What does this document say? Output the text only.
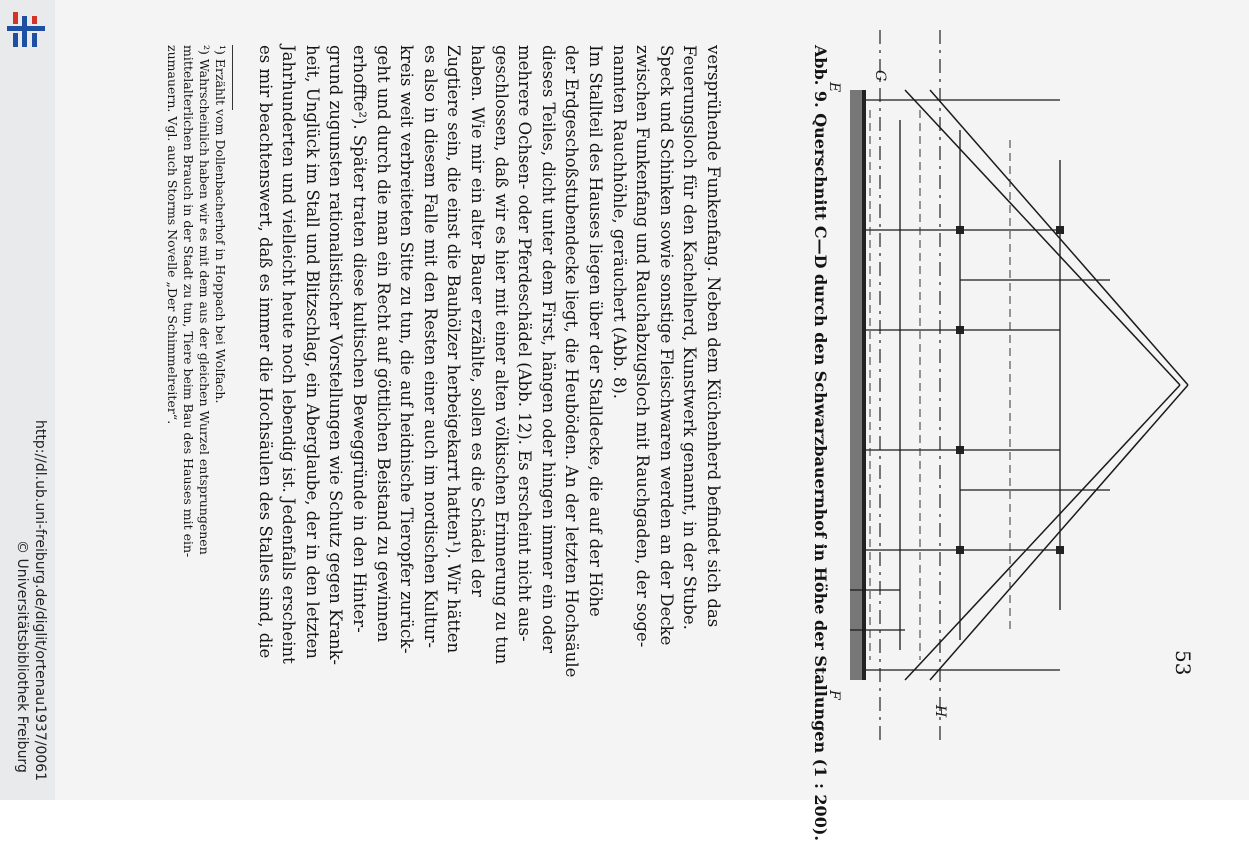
http://dl.ub.uni-freiburg.de/diglit/ortenau1937/0061
© Universitätsbibliothek Freiburg	53
G
H
E
F
Abb. 9. Querschnitt C—D durch den Schwarzbauernhof in Höhe der Stallungen (1 : 200).
versprühende Funkenfang. Neben dem Küchenherd befindet sich das
Feuerungsloch für den Kachelherd, Kunstwerk genannt, in der Stube.
Speck und Schinken sowie sonstige Fleischwaren werden an der Decke
zwischen Funkenfang und Rauchabzugsloch mit Rauchgaden, der soge-
nannten Rauchhöhle, geräuchert (Abb. 8).
Im Stallteil des Hauses liegen über der Stalldecke, die auf der Höhe
der Erdgeschoßstubendecke liegt, die Heuböden. An der letzten Hochsäule
dieses Teiles, dicht unter dem First, hängen oder hingen immer ein oder
mehrere Ochsen- oder Pferdeschädel (Abb. 12). Es erscheint nicht aus-
geschlossen, daß wir es hier mit einer alten völkischen Erinnerung zu tun
haben. Wie mir ein alter Bauer erzählte, sollen es die Schädel der
Zugtiere sein, die einst die Bauhölzer herbeigekarrt hatten¹). Wir hätten
es also in diesem Falle mit den Resten einer auch im nordischen Kultur-
kreis weit verbreiteten Sitte zu tun, die auf heidnische Tieropfer zurück-
geht und durch die man ein Recht auf göttlichen Beistand zu gewinnen
erhoffte²). Später traten diese kultischen Beweggründe in den Hinter-
grund zugunsten rationalistischer Vorstellungen wie Schutz gegen Krank-
heit, Unglück im Stall und Blitzschlag, ein Aberglaube, der in den letzten
Jahrhunderten und vielleicht heute noch lebendig ist. Jedenfalls erscheint
es mir beachtenswert, daß es immer die Hochsäulen des Stalles sind, die
¹) Erzählt vom Dollenbacherhof in Hoppach bei Wolfach.
²) Wahrscheinlich haben wir es mit dem aus der gleichen Wurzel entsprungenen
mittelalterlichen Brauch in der Stadt zu tun, Tiere beim Bau des Hauses mit ein-
zumauern. Vgl. auch Storms Novelle „Der Schimmelreiter“.
